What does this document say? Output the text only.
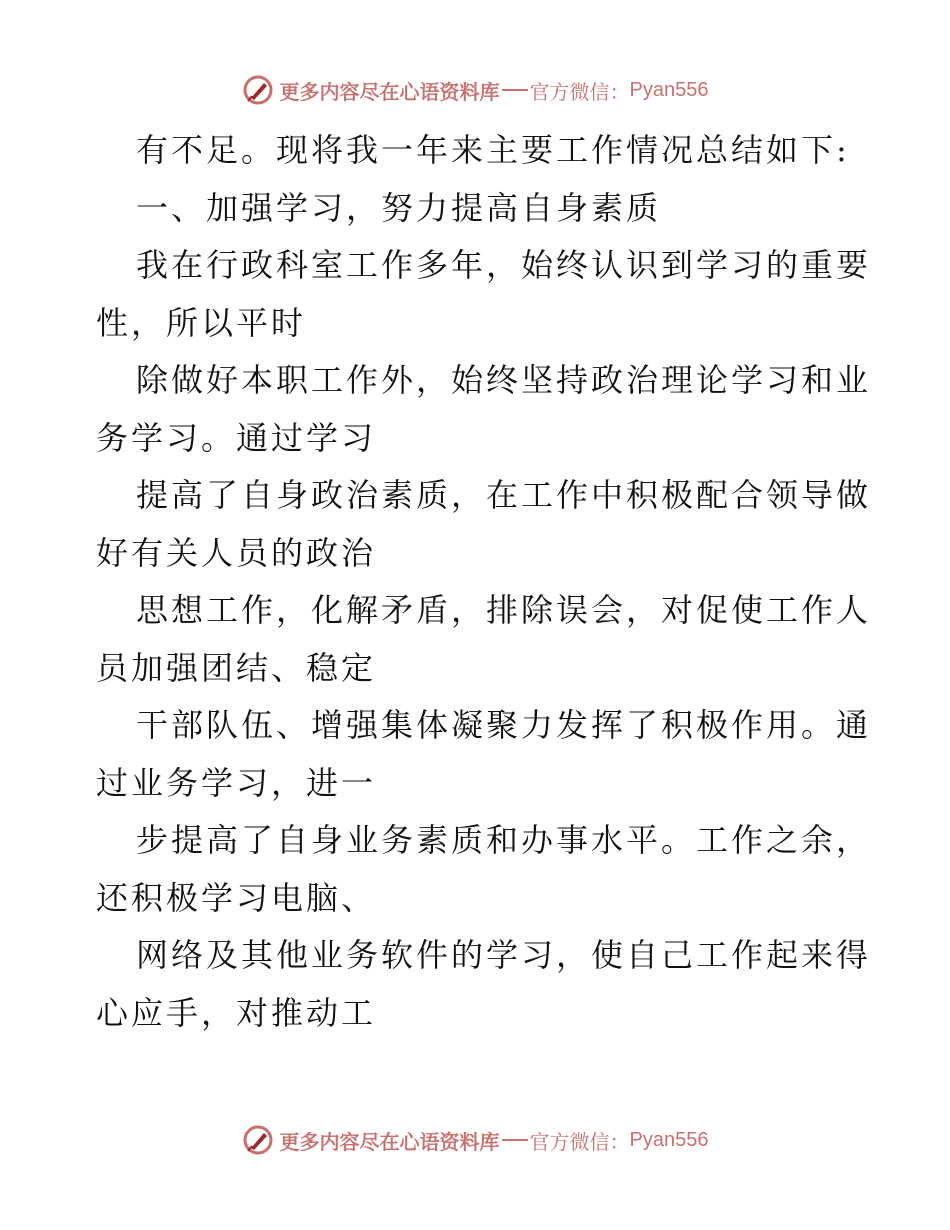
更多内容尽在心语资料库 官方微信： Pyan556
有不足。现将我一年来主要工作情况总结如下:
一、加强学习，努力提高自身素质
我在行政科室工作多年，始终认识到学习的重要
性，所以平时
除做好本职工作外，始终坚持政治理论学习和业
务学习。通过学习
提高了自身政治素质，在工作中积极配合领导做
好有关人员的政治
思想工作，化解矛盾，排除误会，对促使工作人
员加强团结、稳定
干部队伍、增强集体凝聚力发挥了积极作用。通
过业务学习，进一
步提高了自身业务素质和办事水平。工作之余，
还积极学习电脑、
网络及其他业务软件的学习，使自己工作起来得
心应手，对推动工
更多内容尽在心语资料库 官方微信： Pyan556
